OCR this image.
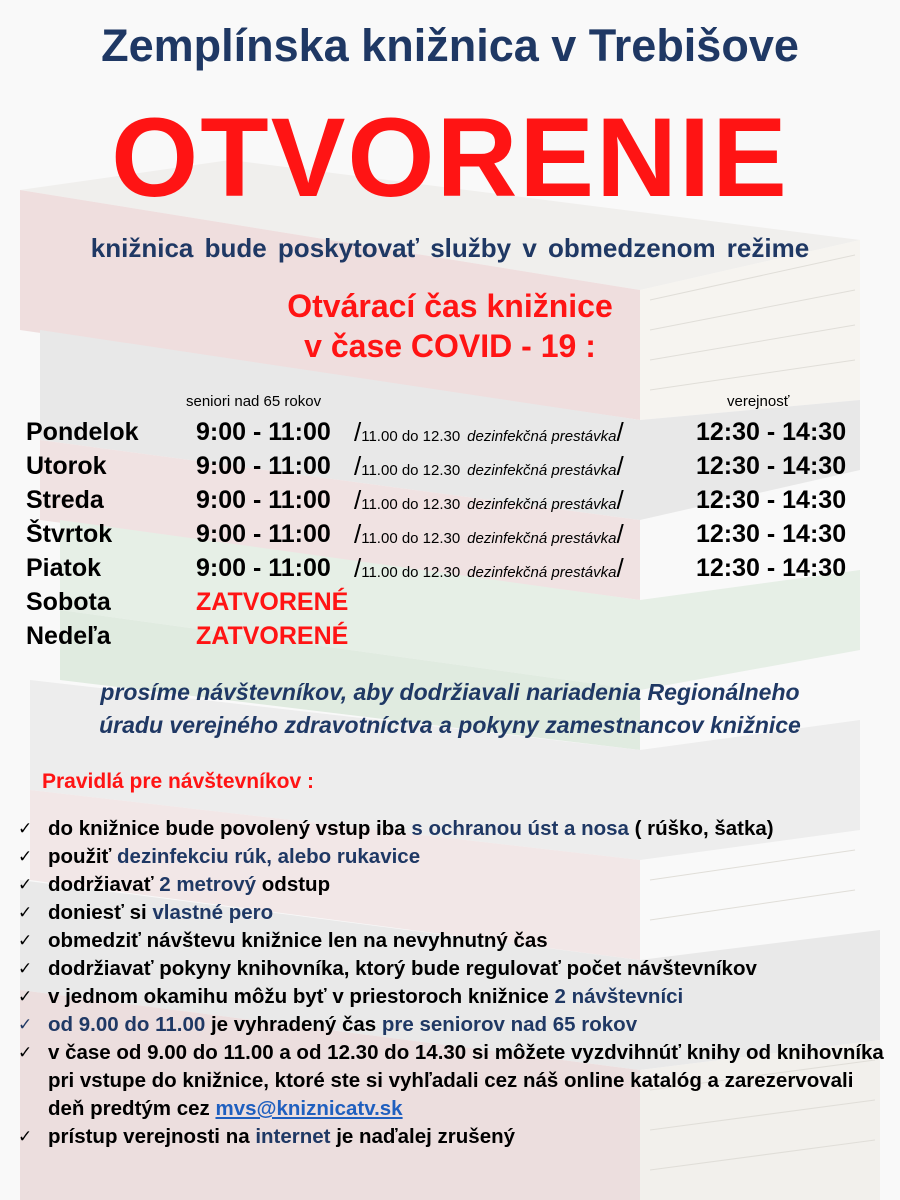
Zemplínska knižnica v Trebišove
OTVORENIE
knižnica bude poskytovať služby v obmedzenom režime
Otvárací čas knižnice
v čase COVID - 19 :
seniori nad 65 rokov	verejnosť
Pondelok 9:00 - 11:00 /11.00 do 12.30 dezinfekčná prestávka/	12:30 - 14:30
Utorok	9:00 - 11:00 /11.00 do 12.30 dezinfekčná prestávka/	12:30 - 14:30
Streda	9:00 - 11:00 /11.00 do 12.30 dezinfekčná prestávka/	12:30 - 14:30
Štvrtok	9:00 - 11:00 /11.00 do 12.30 dezinfekčná prestávka/	12:30 - 14:30
Piatok	9:00 - 11:00 /11.00 do 12.30 dezinfekčná prestávka/	12:30 - 14:30
Sobota	ZATVORENÉ
Nedeľa	ZATVORENÉ
prosíme návštevníkov, aby dodržiavali nariadenia Regionálneho
úradu verejného zdravotníctva a pokyny zamestnancov knižnice
Pravidlá pre návštevníkov :
✓ do knižnice bude povolený vstup iba s ochranou úst a nosa ( rúško, šatka)
✓ použiť dezinfekciu rúk, alebo rukavice
✓ dodržiavať 2 metrový odstup
✓ doniesť si vlastné pero
✓ obmedziť návštevu knižnice len na nevyhnutný čas
✓ dodržiavať pokyny knihovníka, ktorý bude regulovať počet návštevníkov
✓ v jednom okamihu môžu byť v priestoroch knižnice 2 návštevníci
✓ od 9.00 do 11.00 je vyhradený čas pre seniorov nad 65 rokov
✓ v čase od 9.00 do 11.00 a od 12.30 do 14.30 si môžete vyzdvihnúť knihy od knihovníka pri vstupe do knižnice, ktoré ste si vyhľadali cez náš online katalóg a zarezervovali deň predtým cez mvs@kniznicatv.sk
✓ prístup verejnosti na internet je naďalej zrušený
